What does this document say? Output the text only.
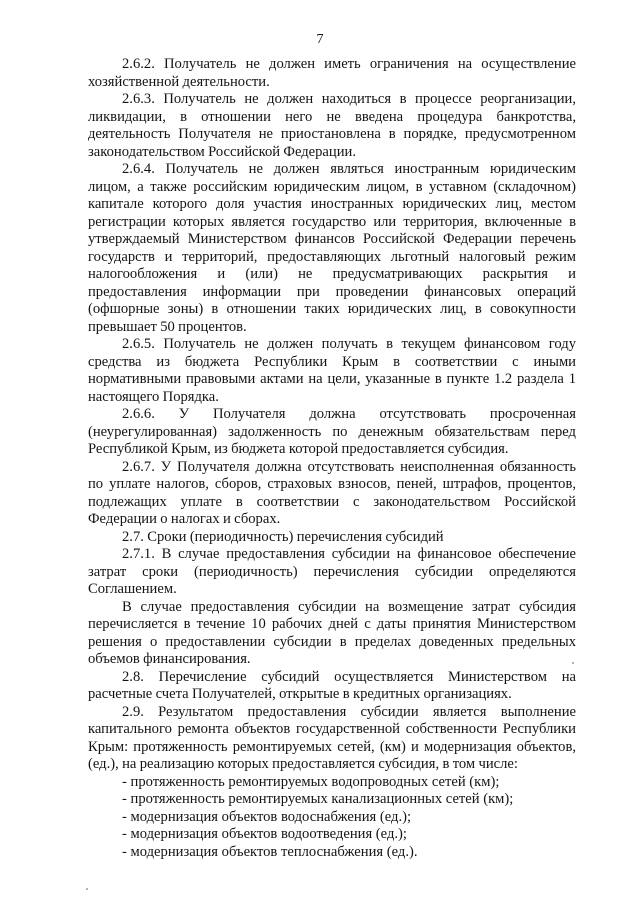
7

2.6.2. Получатель не должен иметь ограничения на осуществление хозяйственной деятельности.

2.6.3. Получатель не должен находиться в процессе реорганизации, ликвидации, в отношении него не введена процедура банкротства, деятельность Получателя не приостановлена в порядке, предусмотренном законодательством Российской Федерации.

2.6.4. Получатель не должен являться иностранным юридическим лицом, а также российским юридическим лицом, в уставном (складочном) капитале которого доля участия иностранных юридических лиц, местом регистрации которых является государство или территория, включенные в утверждаемый Министерством финансов Российской Федерации перечень государств и территорий, предоставляющих льготный налоговый режим налогообложения и (или) не предусматривающих раскрытия и предоставления информации при проведении финансовых операций (офшорные зоны) в отношении таких юридических лиц, в совокупности превышает 50 процентов.

2.6.5. Получатель не должен получать в текущем финансовом году средства из бюджета Республики Крым в соответствии с иными нормативными правовыми актами на цели, указанные в пункте 1.2 раздела 1 настоящего Порядка.

2.6.6. У Получателя должна отсутствовать просроченная (неурегулированная) задолженность по денежным обязательствам перед Республикой Крым, из бюджета которой предоставляется субсидия.

2.6.7. У Получателя должна отсутствовать неисполненная обязанность по уплате налогов, сборов, страховых взносов, пеней, штрафов, процентов, подлежащих уплате в соответствии с законодательством Российской Федерации о налогах и сборах.

2.7. Сроки (периодичность) перечисления субсидий

2.7.1. В случае предоставления субсидии на финансовое обеспечение затрат сроки (периодичность) перечисления субсидии определяются Соглашением.

В случае предоставления субсидии на возмещение затрат субсидия перечисляется в течение 10 рабочих дней с даты принятия Министерством решения о предоставлении субсидии в пределах доведенных предельных объемов финансирования.

2.8. Перечисление субсидий осуществляется Министерством на расчетные счета Получателей, открытые в кредитных организациях.

2.9. Результатом предоставления субсидии является выполнение капитального ремонта объектов государственной собственности Республики Крым: протяженность ремонтируемых сетей, (км) и модернизация объектов, (ед.), на реализацию которых предоставляется субсидия, в том числе:

- протяженность ремонтируемых водопроводных сетей (км);
- протяженность ремонтируемых канализационных сетей (км);
- модернизация объектов водоснабжения (ед.);
- модернизация объектов водоотведения (ед.);
- модернизация объектов теплоснабжения (ед.).
